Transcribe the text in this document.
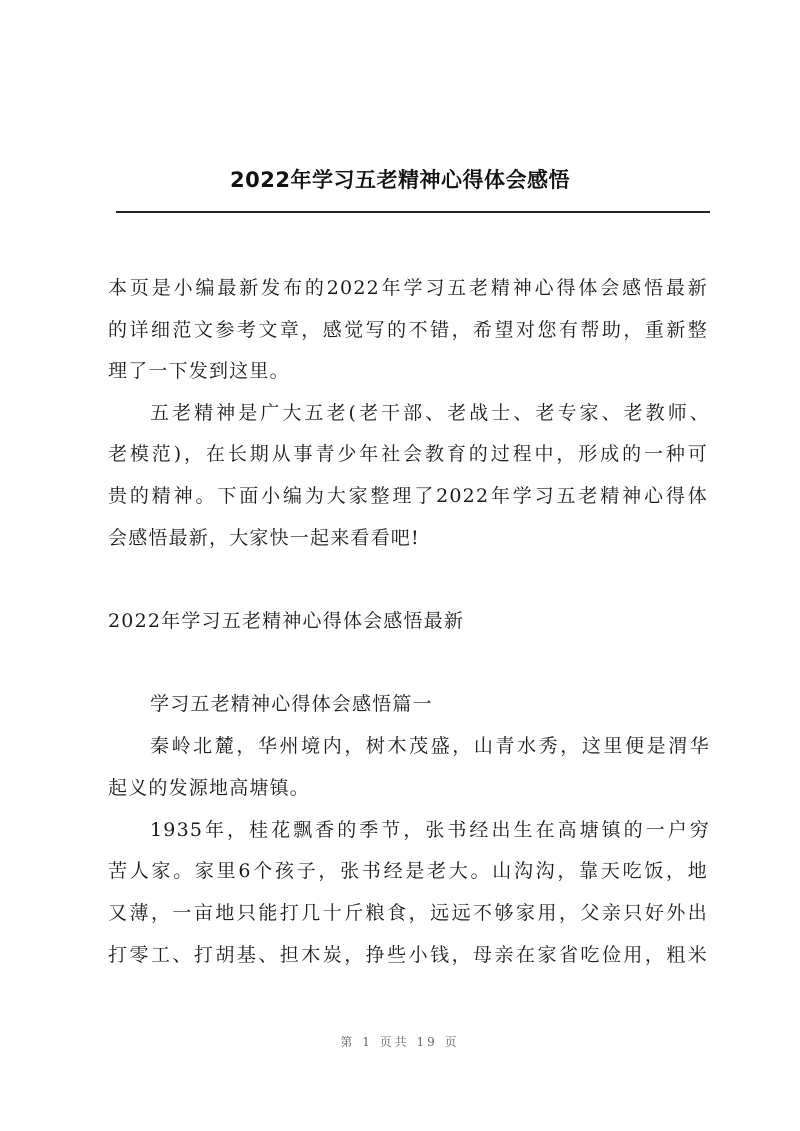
2022年学习五老精神心得体会感悟
本页是小编最新发布的2022年学习五老精神心得体会感悟最新
的详细范文参考文章，感觉写的不错，希望对您有帮助，重新整
理了一下发到这里。
五老精神是广大五老(老干部、老战士、老专家、老教师、
老模范)，在长期从事青少年社会教育的过程中，形成的一种可
贵的精神。下面小编为大家整理了2022年学习五老精神心得体
会感悟最新，大家快一起来看看吧!
2022年学习五老精神心得体会感悟最新
学习五老精神心得体会感悟篇一
秦岭北麓，华州境内，树木茂盛，山青水秀，这里便是渭华
起义的发源地高塘镇。
1935年，桂花飘香的季节，张书经出生在高塘镇的一户穷
苦人家。家里6个孩子，张书经是老大。山沟沟，靠天吃饭，地
又薄，一亩地只能打几十斤粮食，远远不够家用，父亲只好外出
打零工、打胡基、担木炭，挣些小钱，母亲在家省吃俭用，粗米
第 1 页共 19 页
